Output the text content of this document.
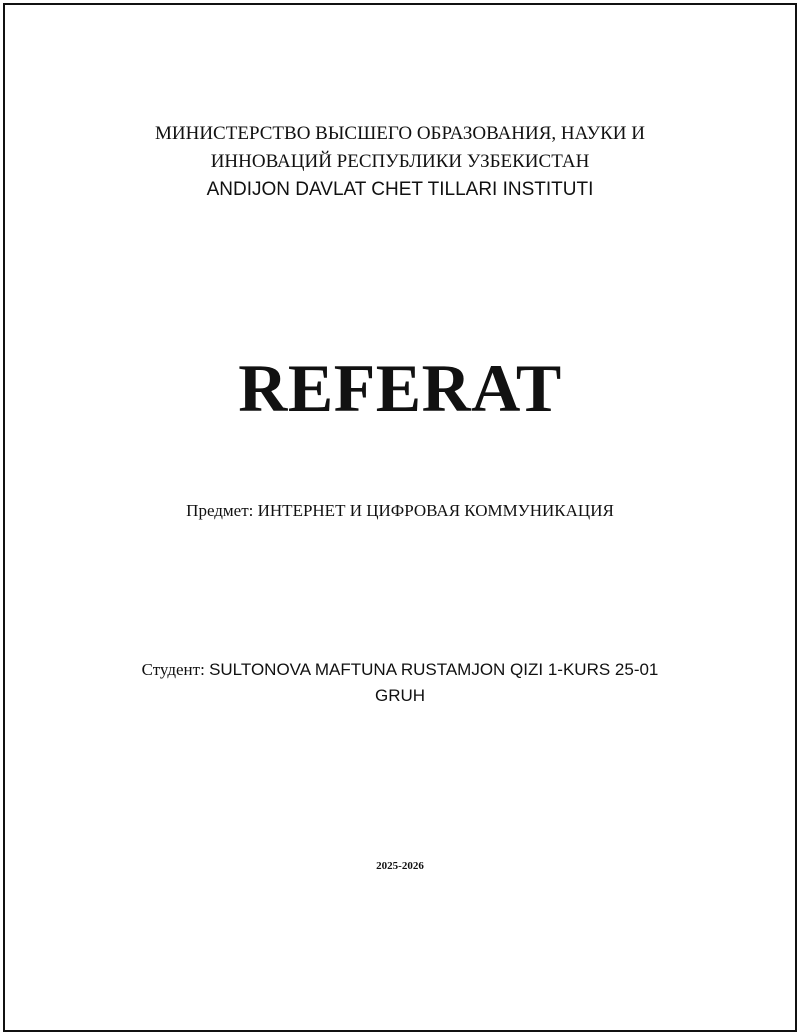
МИНИСТЕРСТВО ВЫСШЕГО ОБРАЗОВАНИЯ, НАУКИ И
ИННОВАЦИЙ РЕСПУБЛИКИ УЗБЕКИСТАН
ANDIJON DAVLAT CHET TILLARI INSTITUTI
REFERAT
Предмет: ИНТЕРНЕТ И ЦИФРОВАЯ КОММУНИКАЦИЯ
Студент: SULTONOVA MAFTUNA RUSTAMJON QIZI 1-KURS 25-01
GRUH
2025-2026
